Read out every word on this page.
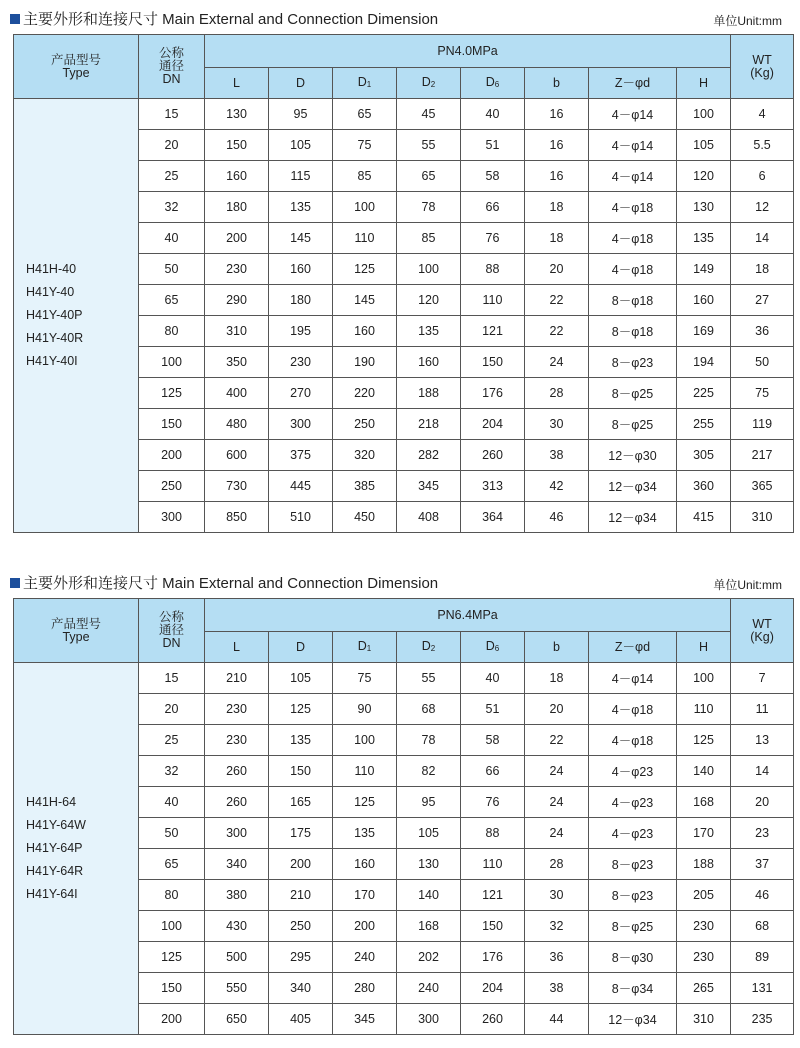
主要外形和连接尺寸 Main External and Connection Dimension	单位Unit:mm
产品型号
Type	公称
通径
DN	PN4.0MPa								WT
(Kg)

		L	D	D1	D2	D6	b	Z－φd	H	

H41H-40
H41Y-40
H41Y-40P
H41Y-40R
H41Y-40I	15	130	95	65	45	40	16	4－φ14	100	4
	20	150	105	75	55	51	16	4－φ14	105	5.5
	25	160	115	85	65	58	16	4－φ14	120	6
	32	180	135	100	78	66	18	4－φ18	130	12
	40	200	145	110	85	76	18	4－φ18	135	14
	50	230	160	125	100	88	20	4－φ18	149	18
	65	290	180	145	120	110	22	8－φ18	160	27
	80	310	195	160	135	121	22	8－φ18	169	36
	100	350	230	190	160	150	24	8－φ23	194	50
	125	400	270	220	188	176	28	8－φ25	225	75
	150	480	300	250	218	204	30	8－φ25	255	119
	200	600	375	320	282	260	38	12－φ30	305	217
	250	730	445	385	345	313	42	12－φ34	360	365
	300	850	510	450	408	364	46	12－φ34	415	310
主要外形和连接尺寸 Main External and Connection Dimension	单位Unit:mm
产品型号
Type	公称
通径
DN	PN6.4MPa								WT
(Kg)

		L	D	D1	D2	D6	b	Z－φd	H	

H41H-64
H41Y-64W
H41Y-64P
H41Y-64R
H41Y-64I	15	210	105	75	55	40	18	4－φ14	100	7
	20	230	125	90	68	51	20	4－φ18	110	11
	25	230	135	100	78	58	22	4－φ18	125	13
	32	260	150	110	82	66	24	4－φ23	140	14
	40	260	165	125	95	76	24	4－φ23	168	20
	50	300	175	135	105	88	24	4－φ23	170	23
	65	340	200	160	130	110	28	8－φ23	188	37
	80	380	210	170	140	121	30	8－φ23	205	46
	100	430	250	200	168	150	32	8－φ25	230	68
	125	500	295	240	202	176	36	8－φ30	230	89
	150	550	340	280	240	204	38	8－φ34	265	131
	200	650	405	345	300	260	44	12－φ34	310	235
